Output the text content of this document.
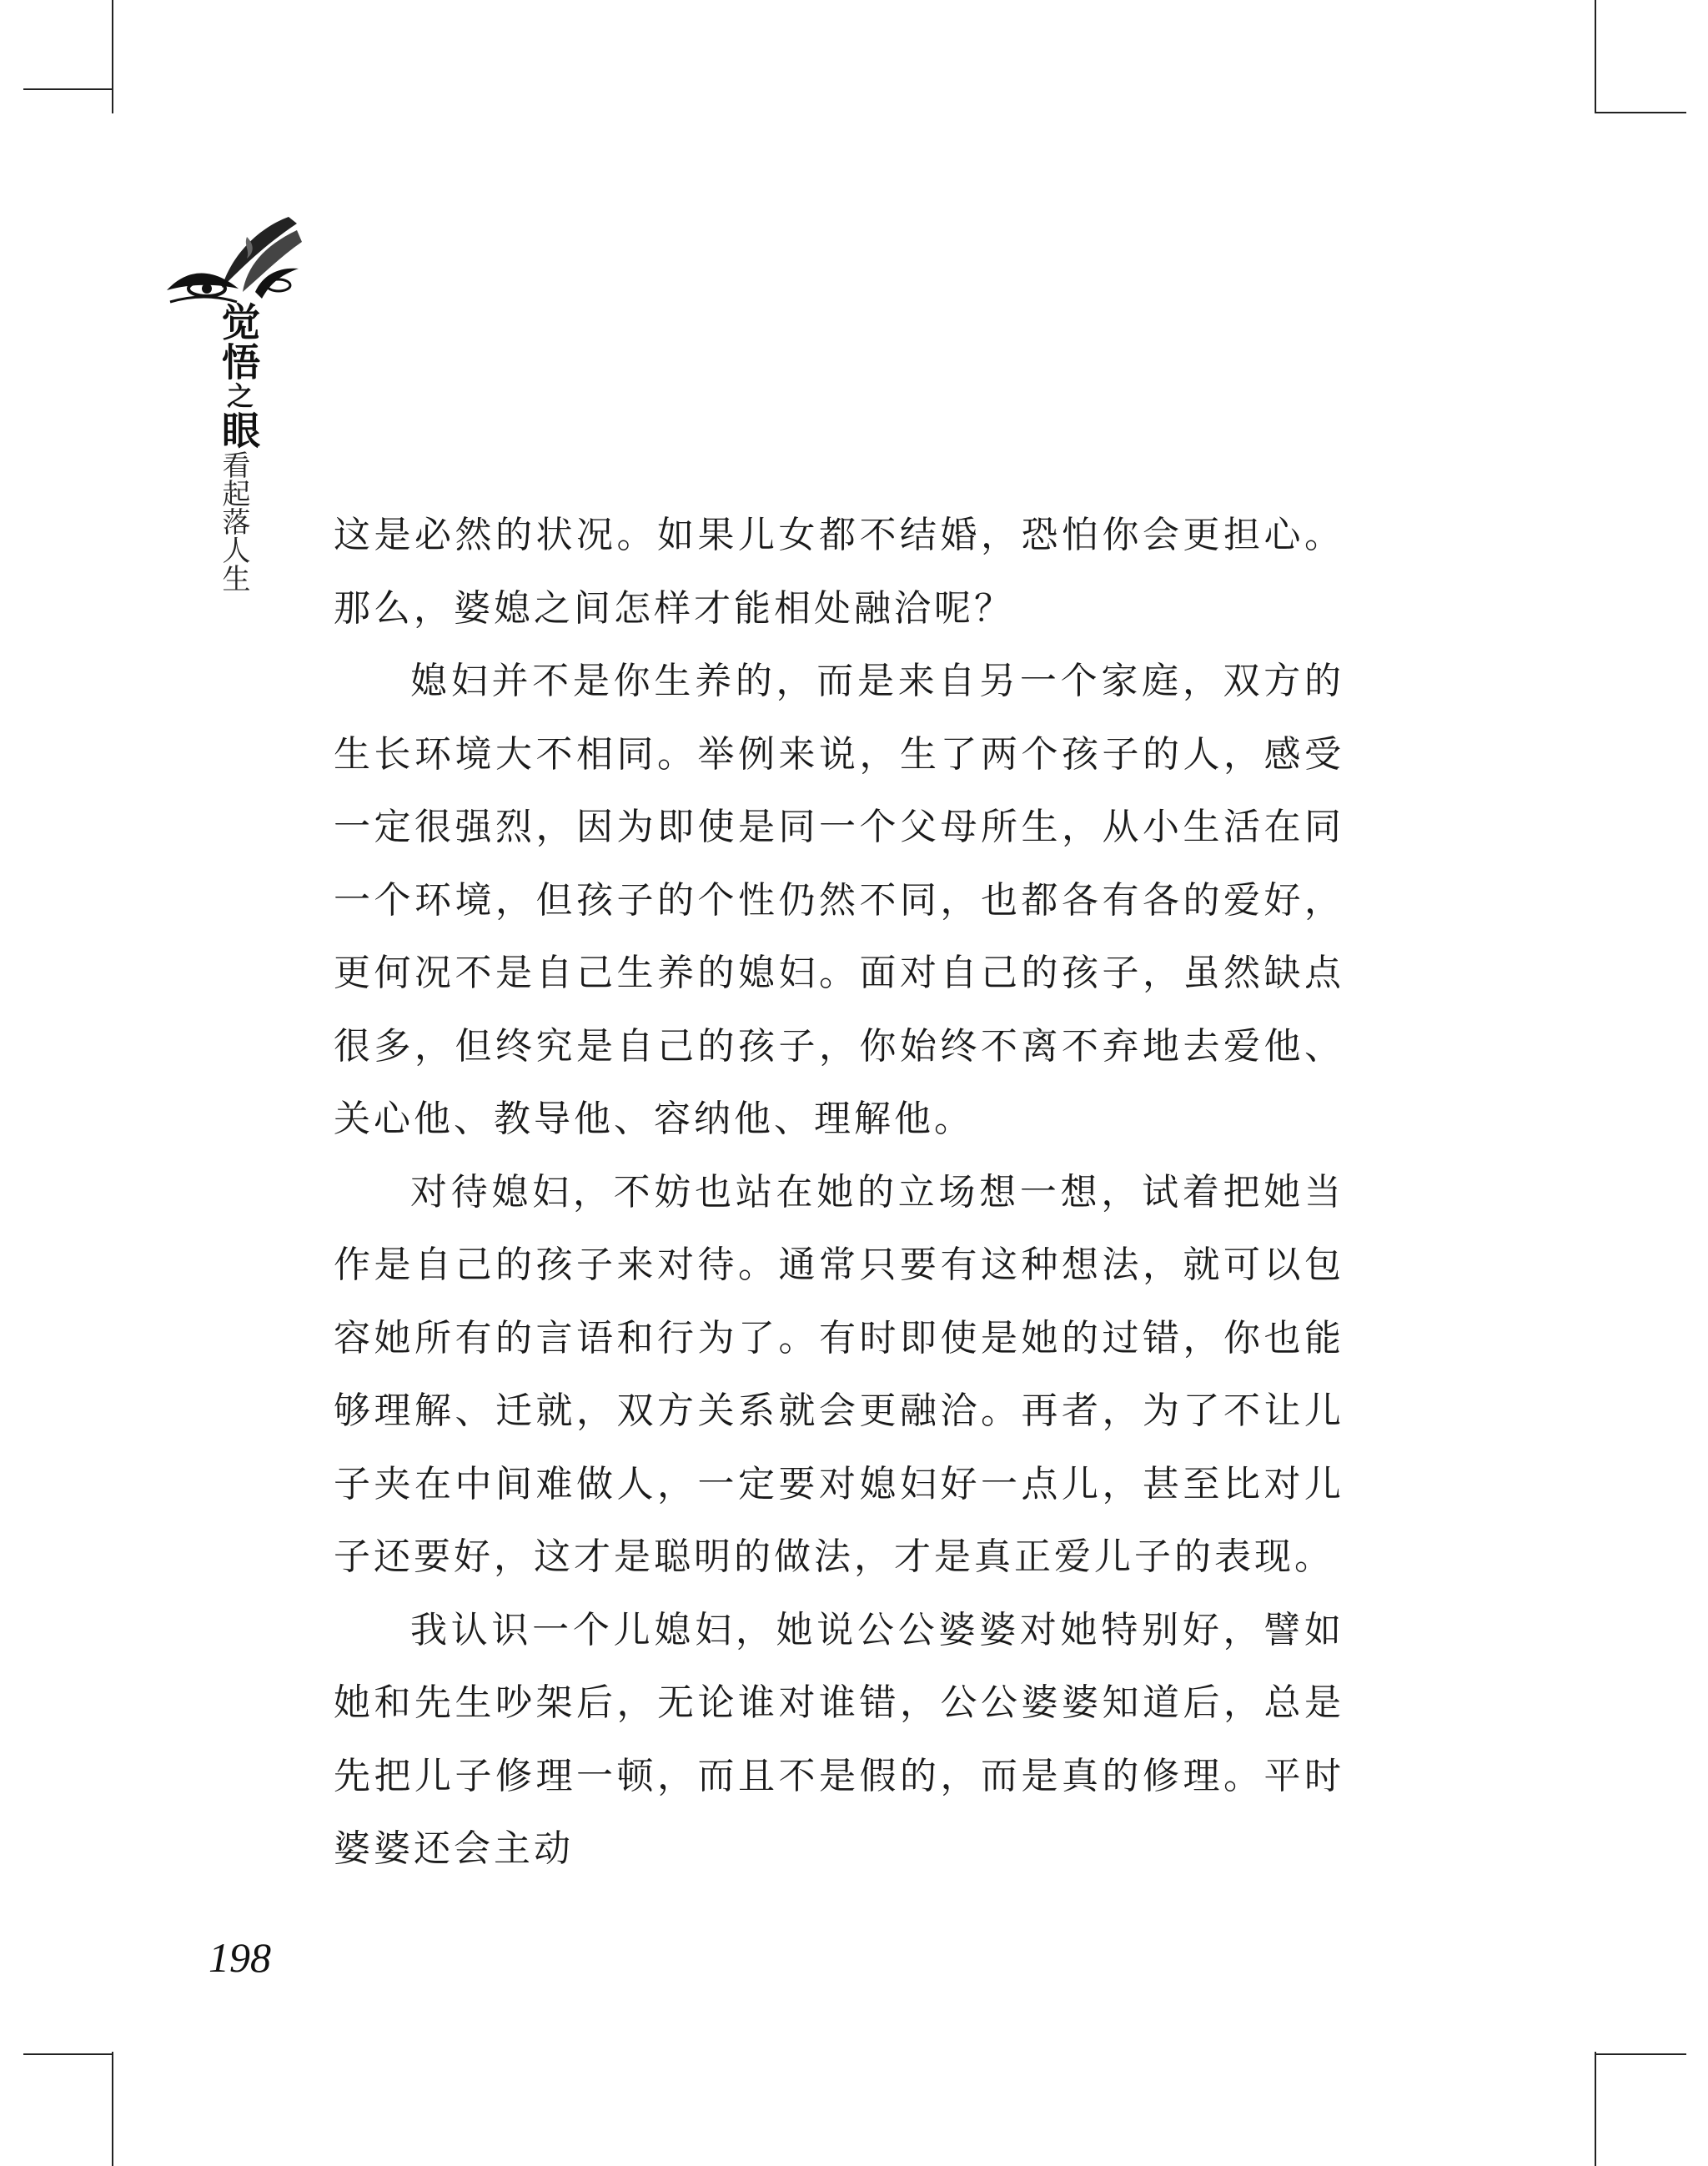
觉悟之眼
看起落人生 这是必然的状况。如果儿女都不结婚，恐怕你会更担心。那么，婆媳之间怎样才能相处融洽呢？

媳妇并不是你生养的，而是来自另一个家庭，双方的生长环境大不相同。举例来说，生了两个孩子的人，感受一定很强烈，因为即使是同一个父母所生，从小生活在同一个环境，但孩子的个性仍然不同，也都各有各的爱好，更何况不是自己生养的媳妇。面对自己的孩子，虽然缺点很多，但终究是自己的孩子，你始终不离不弃地去爱他、关心他、教导他、容纳他、理解他。

对待媳妇，不妨也站在她的立场想一想，试着把她当作是自己的孩子来对待。通常只要有这种想法，就可以包容她所有的言语和行为了。有时即使是她的过错，你也能够理解、迁就，双方关系就会更融洽。再者，为了不让儿子夹在中间难做人，一定要对媳妇好一点儿，甚至比对儿子还要好，这才是聪明的做法，才是真正爱儿子的表现。

我认识一个儿媳妇，她说公公婆婆对她特别好，譬如她和先生吵架后，无论谁对谁错，公公婆婆知道后，总是先把儿子修理一顿，而且不是假的，而是真的修理。平时婆婆还会主动

198
